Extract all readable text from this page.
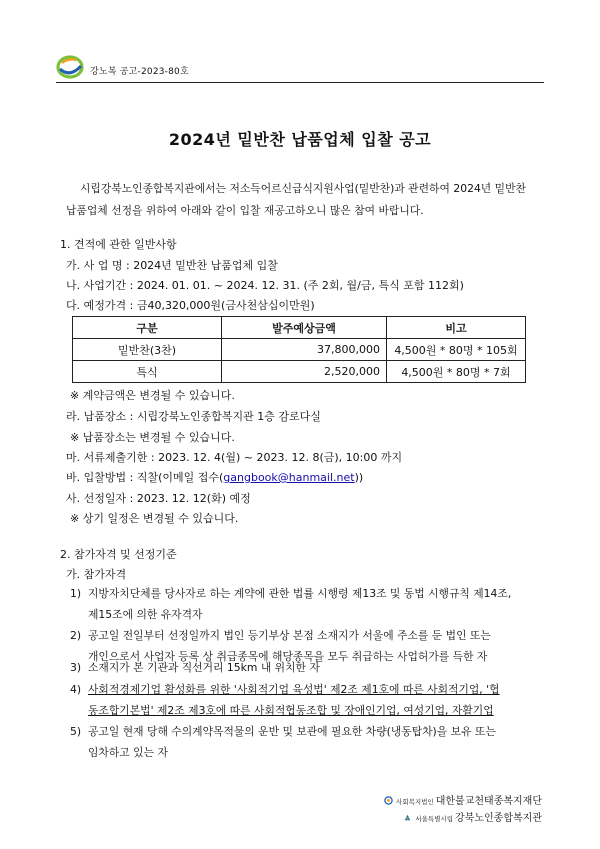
강노복 공고-2023-80호
2024년 밑반찬 납품업체 입찰 공고

시립강북노인종합복지관에서는 저소득어르신급식지원사업(밑반찬)과 관련하여 2024년 밑반찬

납품업체 선정을 위하여 아래와 같이 입찰 재공고하오니 많은 참여 바랍니다.

1. 견적에 관한 일반사항
가. 사 업 명 : 2024년 밑반찬 납품업체 입찰
나. 사업기간 : 2024. 01. 01. ~ 2024. 12. 31. (주 2회, 월/금, 특식 포함 112회)
다. 예정가격 : 금40,320,000원(금사천삼십이만원)
구분	발주예상금액	비고
밑반찬(3찬)	37,800,000	4,500원 * 80명 * 105회
특식	2,520,000	4,500원 * 80명 * 7회
※ 계약금액은 변경될 수 있습니다.
라. 납품장소 : 시립강북노인종합복지관 1층 감로다실
※ 납품장소는 변경될 수 있습니다.
마. 서류제출기한 : 2023. 12. 4(월) ~ 2023. 12. 8(금), 10:00 까지
바. 입찰방법 : 직찰(이메일 접수(gangbook@hanmail.net))
사. 선정일자 : 2023. 12. 12(화) 예정
※ 상기 일정은 변경될 수 있습니다.
2. 참가자격 및 선정기준
가. 참가자격
1) 지방자치단체를 당사자로 하는 계약에 관한 법률 시행령 제13조 및 동법 시행규칙 제14조,
제15조에 의한 유자격자
2) 공고일 전일부터 선정일까지 법인 등기부상 본점 소재지가 서울에 주소를 둔 법인 또는
개인으로서 사업자 등록 상 취급종목에 해당종목을 모두 취급하는 사업허가를 득한 자
3) 소재지가 본 기관과 직선거리 15km 내 위치한 자
4) 사회적경제기업 활성화를 위한 '사회적기업 육성법' 제2조 제1호에 따른 사회적기업, '협
동조합기본법' 제2조 제3호에 따른 사회적협동조합 및 장애인기업, 여성기업, 자활기업
5) 공고일 현재 당해 수의계약목적물의 운반 및 보관에 필요한 차량(냉동탑차)을 보유 또는
임차하고 있는 자
사회복지법인 대한불교천태종복지재단
서울특별시립 강북노인종합복지관
